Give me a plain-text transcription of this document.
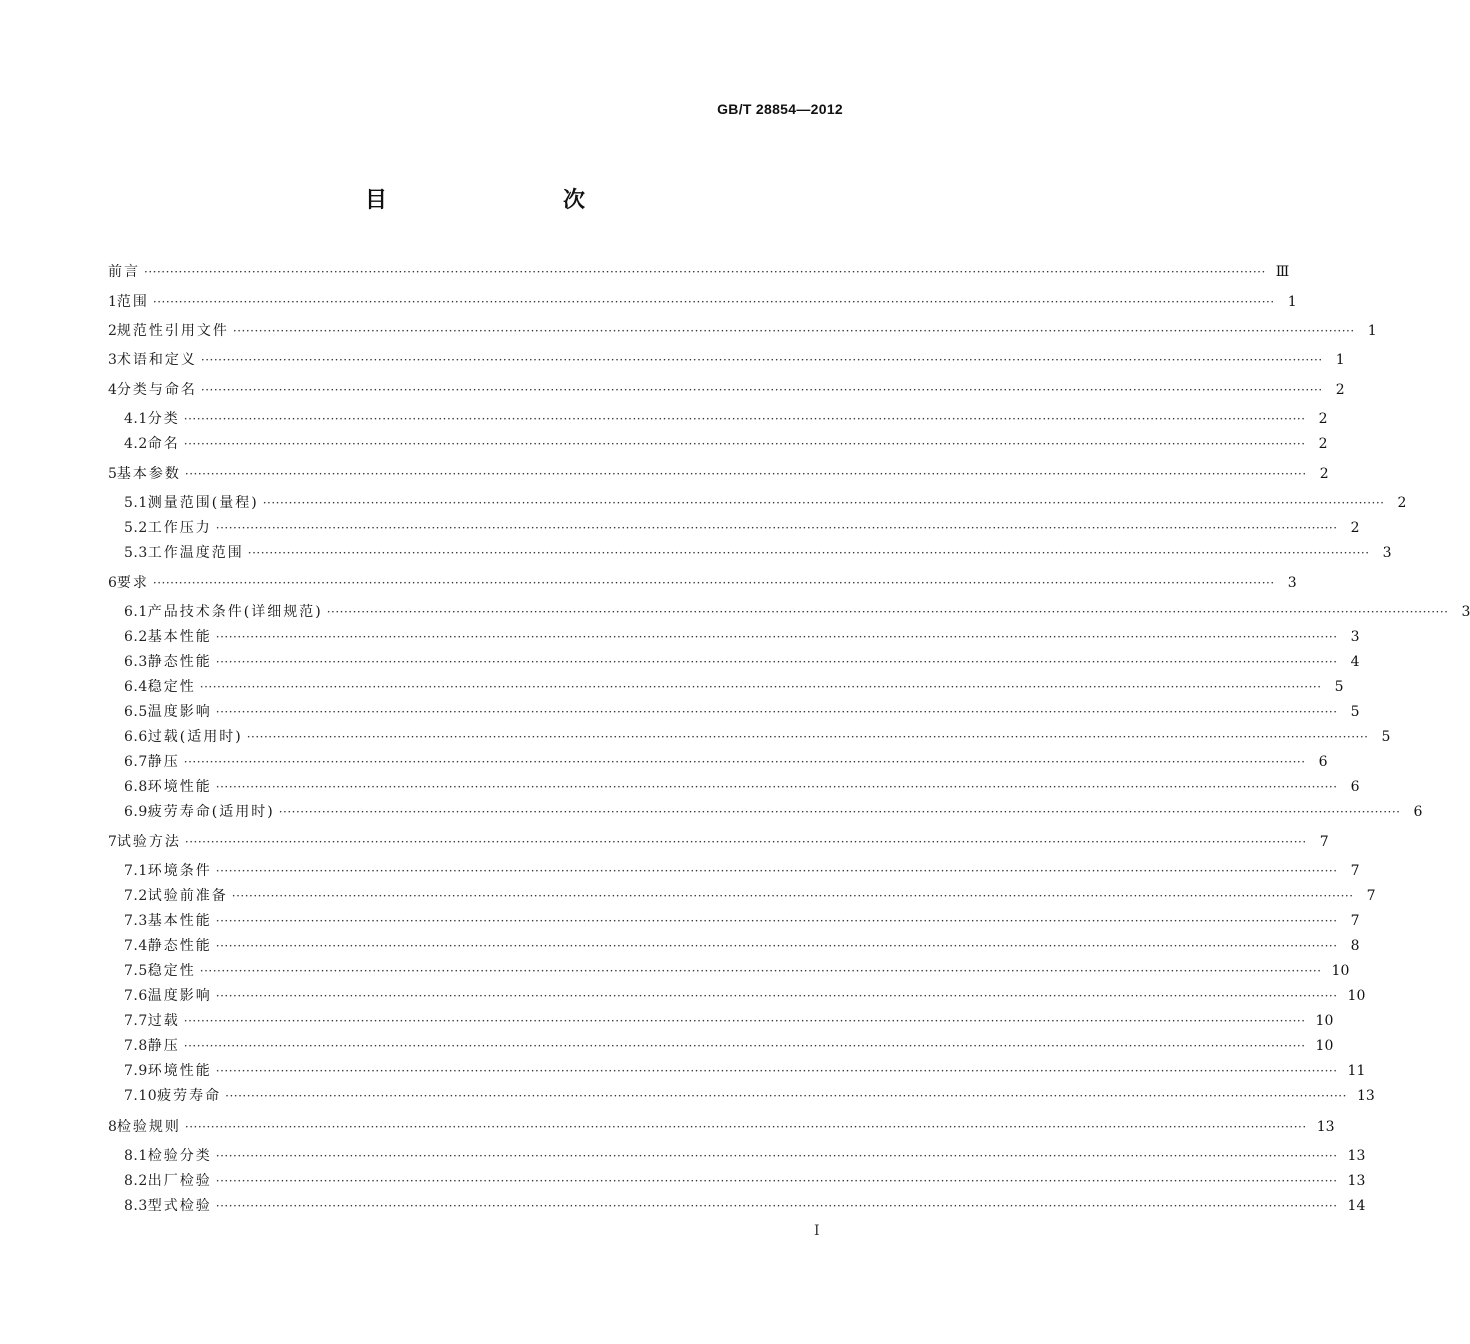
GB/T 28854—2012
目　　次
前言 ···································································································································································································································································· Ⅲ
1 范围 ···································································································································································································································································· 1
2 规范性引用文件 ···································································································································································································································································· 1
3 术语和定义 ···································································································································································································································································· 1
4 分类与命名 ···································································································································································································································································· 2
4.1 分类 ···································································································································································································································································· 2
4.2 命名 ···································································································································································································································································· 2
5 基本参数 ···································································································································································································································································· 2
5.1 测量范围(量程) ···································································································································································································································································· 2
5.2 工作压力 ···································································································································································································································································· 2
5.3 工作温度范围 ···································································································································································································································································· 3
6 要求 ···································································································································································································································································· 3
6.1 产品技术条件(详细规范) ···································································································································································································································································· 3
6.2 基本性能 ···································································································································································································································································· 3
6.3 静态性能 ···································································································································································································································································· 4
6.4 稳定性 ···································································································································································································································································· 5
6.5 温度影响 ···································································································································································································································································· 5
6.6 过载(适用时) ···································································································································································································································································· 5
6.7 静压 ···································································································································································································································································· 6
6.8 环境性能 ···································································································································································································································································· 6
6.9 疲劳寿命(适用时) ···································································································································································································································································· 6
7 试验方法 ···································································································································································································································································· 7
7.1 环境条件 ···································································································································································································································································· 7
7.2 试验前准备 ···································································································································································································································································· 7
7.3 基本性能 ···································································································································································································································································· 7
7.4 静态性能 ···································································································································································································································································· 8
7.5 稳定性 ···································································································································································································································································· 10
7.6 温度影响 ···································································································································································································································································· 10
7.7 过载 ···································································································································································································································································· 10
7.8 静压 ···································································································································································································································································· 10
7.9 环境性能 ···································································································································································································································································· 11
7.10 疲劳寿命 ···································································································································································································································································· 13
8 检验规则 ···································································································································································································································································· 13
8.1 检验分类 ···································································································································································································································································· 13
8.2 出厂检验 ···································································································································································································································································· 13
8.3 型式检验 ···································································································································································································································································· 14
I
